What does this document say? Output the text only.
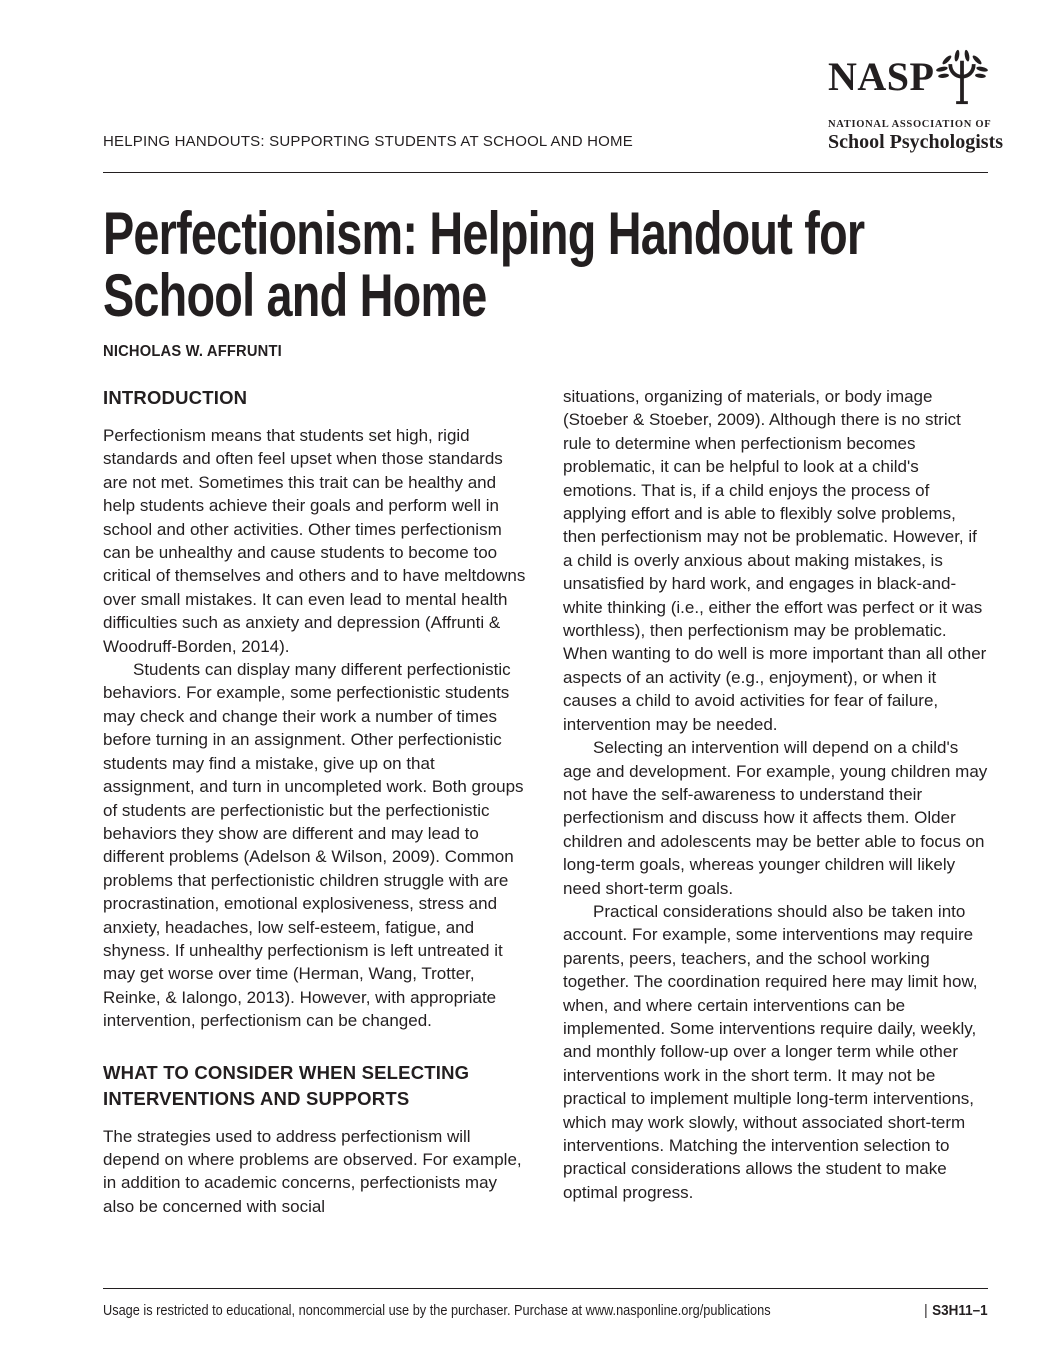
HELPING HANDOUTS: SUPPORTING STUDENTS AT SCHOOL AND HOME
NASP
NATIONAL ASSOCIATION OF
School Psychologists
Perfectionism: Helping Handout for
School and Home
NICHOLAS W. AFFRUNTI
INTRODUCTION

Perfectionism means that students set high, rigid standards and often feel upset when those standards are not met. Sometimes this trait can be healthy and help students achieve their goals and perform well in school and other activities. Other times perfectionism can be unhealthy and cause students to become too critical of themselves and others and to have meltdowns over small mistakes. It can even lead to mental health difficulties such as anxiety and depression (Affrunti & Woodruff-Borden, 2014).

Students can display many different perfectionistic behaviors. For example, some perfectionistic students may check and change their work a number of times before turning in an assignment. Other perfectionistic students may find a mistake, give up on that assignment, and turn in uncompleted work. Both groups of students are perfectionistic but the perfectionistic behaviors they show are different and may lead to different problems (Adelson & Wilson, 2009). Common problems that perfectionistic children struggle with are procrastination, emotional explosiveness, stress and anxiety, headaches, low self-esteem, fatigue, and shyness. If unhealthy perfectionism is left untreated it may get worse over time (Herman, Wang, Trotter, Reinke, & Ialongo, 2013). However, with appropriate intervention, perfectionism can be changed.

WHAT TO CONSIDER WHEN SELECTING INTERVENTIONS AND SUPPORTS

The strategies used to address perfectionism will depend on where problems are observed. For example, in addition to academic concerns, perfectionists may also be concerned with social

situations, organizing of materials, or body image (Stoeber & Stoeber, 2009). Although there is no strict rule to determine when perfectionism becomes problematic, it can be helpful to look at a child's emotions. That is, if a child enjoys the process of applying effort and is able to flexibly solve problems, then perfectionism may not be problematic. However, if a child is overly anxious about making mistakes, is unsatisfied by hard work, and engages in black-and-white thinking (i.e., either the effort was perfect or it was worthless), then perfectionism may be problematic. When wanting to do well is more important than all other aspects of an activity (e.g., enjoyment), or when it causes a child to avoid activities for fear of failure, intervention may be needed.

Selecting an intervention will depend on a child's age and development. For example, young children may not have the self-awareness to understand their perfectionism and discuss how it affects them. Older children and adolescents may be better able to focus on long-term goals, whereas younger children will likely need short-term goals.

Practical considerations should also be taken into account. For example, some interventions may require parents, peers, teachers, and the school working together. The coordination required here may limit how, when, and where certain interventions can be implemented. Some interventions require daily, weekly, and monthly follow-up over a longer term while other interventions work in the short term. It may not be practical to implement multiple long-term interventions, which may work slowly, without associated short-term interventions. Matching the intervention selection to practical considerations allows the student to make optimal progress.

Usage is restricted to educational, noncommercial use by the purchaser. Purchase at www.nasponline.org/publications	| S3H11–1
